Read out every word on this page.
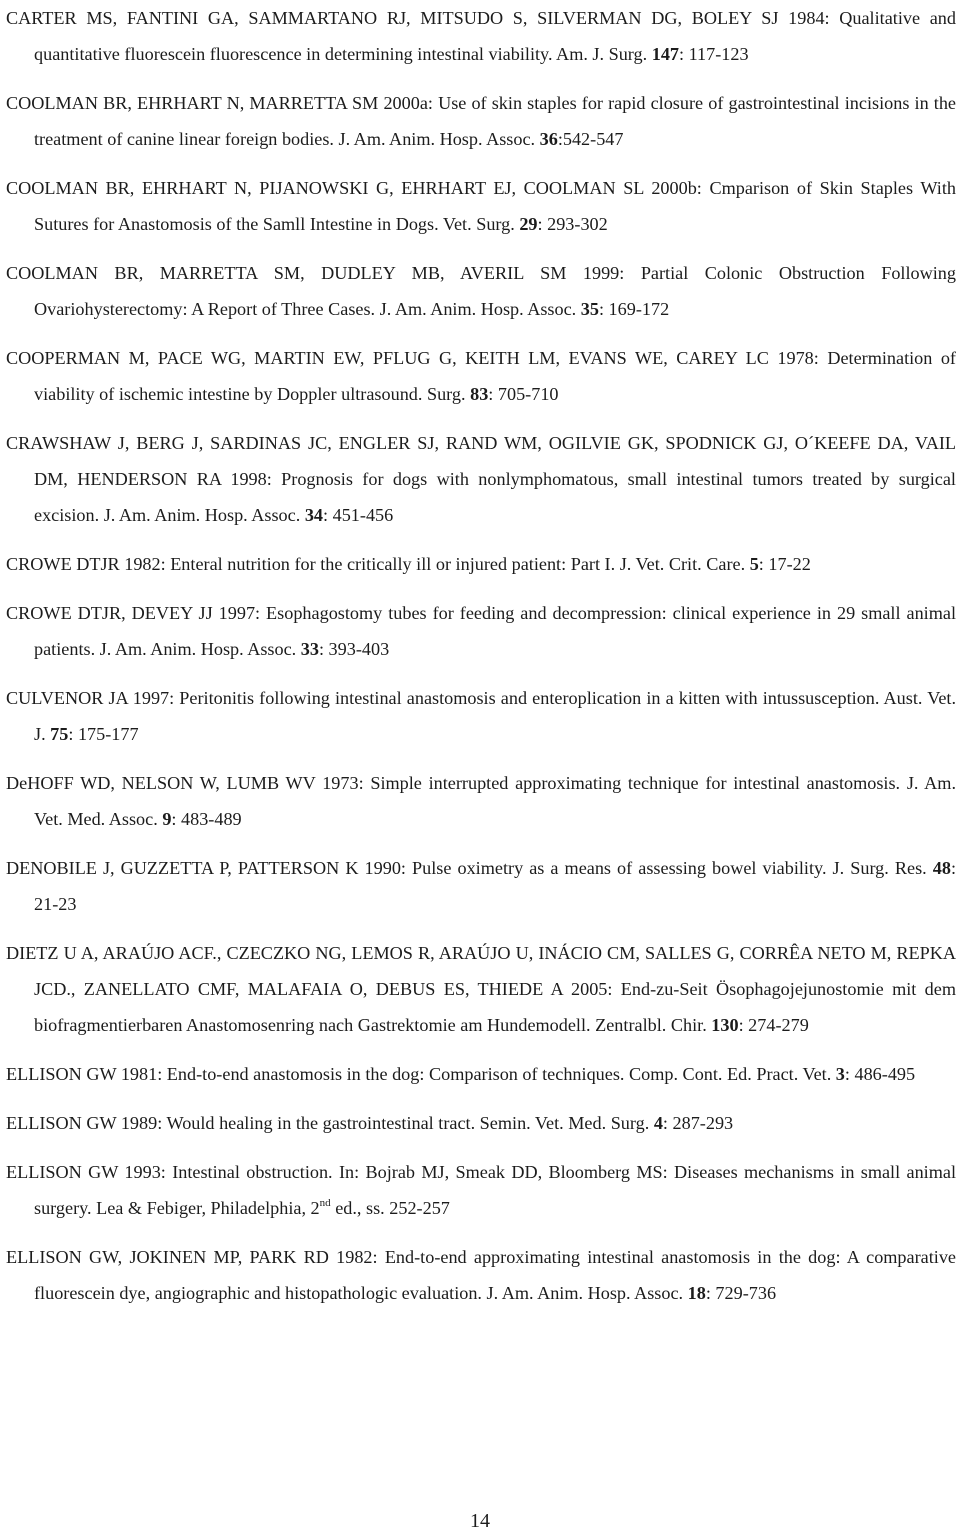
CARTER MS, FANTINI GA, SAMMARTANO RJ, MITSUDO S, SILVERMAN DG, BOLEY SJ 1984: Qualitative and quantitative fluorescein fluorescence in determining intestinal viability. Am. J. Surg. 147: 117-123
COOLMAN BR, EHRHART N, MARRETTA SM 2000a: Use of skin staples for rapid closure of gastrointestinal incisions in the treatment of canine linear foreign bodies. J. Am. Anim. Hosp. Assoc. 36:542-547
COOLMAN BR, EHRHART N, PIJANOWSKI G, EHRHART EJ, COOLMAN SL 2000b: Cmparison of Skin Staples With Sutures for Anastomosis of the Samll Intestine in Dogs. Vet. Surg. 29: 293-302
COOLMAN BR, MARRETTA SM, DUDLEY MB, AVERIL SM 1999: Partial Colonic Obstruction Following Ovariohysterectomy: A Report of Three Cases. J. Am. Anim. Hosp. Assoc. 35: 169-172
COOPERMAN M, PACE WG, MARTIN EW, PFLUG G, KEITH LM, EVANS WE, CAREY LC 1978: Determination of viability of ischemic intestine by Doppler ultrasound. Surg. 83: 705-710
CRAWSHAW J, BERG J, SARDINAS JC, ENGLER SJ, RAND WM, OGILVIE GK, SPODNICK GJ, O´KEEFE DA, VAIL DM, HENDERSON RA 1998: Prognosis for dogs with nonlymphomatous, small intestinal tumors treated by surgical excision. J. Am. Anim. Hosp. Assoc. 34: 451-456
CROWE DTJR 1982: Enteral nutrition for the critically ill or injured patient: Part I. J. Vet. Crit. Care. 5: 17-22
CROWE DTJR, DEVEY JJ 1997: Esophagostomy tubes for feeding and decompression: clinical experience in 29 small animal patients. J. Am. Anim. Hosp. Assoc. 33: 393-403
CULVENOR JA 1997: Peritonitis following intestinal anastomosis and enteroplication in a kitten with intussusception. Aust. Vet. J. 75: 175-177
DeHOFF WD, NELSON W, LUMB WV 1973: Simple interrupted approximating technique for intestinal anastomosis. J. Am. Vet. Med. Assoc. 9: 483-489
DENOBILE J, GUZZETTA P, PATTERSON K 1990: Pulse oximetry as a means of assessing bowel viability. J. Surg. Res. 48: 21-23
DIETZ U A, ARAÚJO ACF., CZECZKO NG, LEMOS R, ARAÚJO U, INÁCIO CM, SALLES G, CORRÊA NETO M, REPKA JCD., ZANELLATO CMF, MALAFAIA O, DEBUS ES, THIEDE A 2005: End-zu-Seit Ösophagojejunostomie mit dem biofragmentierbaren Anastomosenring nach Gastrektomie am Hundemodell. Zentralbl. Chir. 130: 274-279
ELLISON GW 1981: End-to-end anastomosis in the dog: Comparison of techniques. Comp. Cont. Ed. Pract. Vet. 3: 486-495
ELLISON GW 1989: Would healing in the gastrointestinal tract. Semin. Vet. Med. Surg. 4: 287-293
ELLISON GW 1993: Intestinal obstruction. In: Bojrab MJ, Smeak DD, Bloomberg MS: Diseases mechanisms in small animal surgery. Lea & Febiger, Philadelphia, 2nd ed., ss. 252-257
ELLISON GW, JOKINEN MP, PARK RD 1982: End-to-end approximating intestinal anastomosis in the dog: A comparative fluorescein dye, angiographic and histopathologic evaluation. J. Am. Anim. Hosp. Assoc. 18: 729-736
14
